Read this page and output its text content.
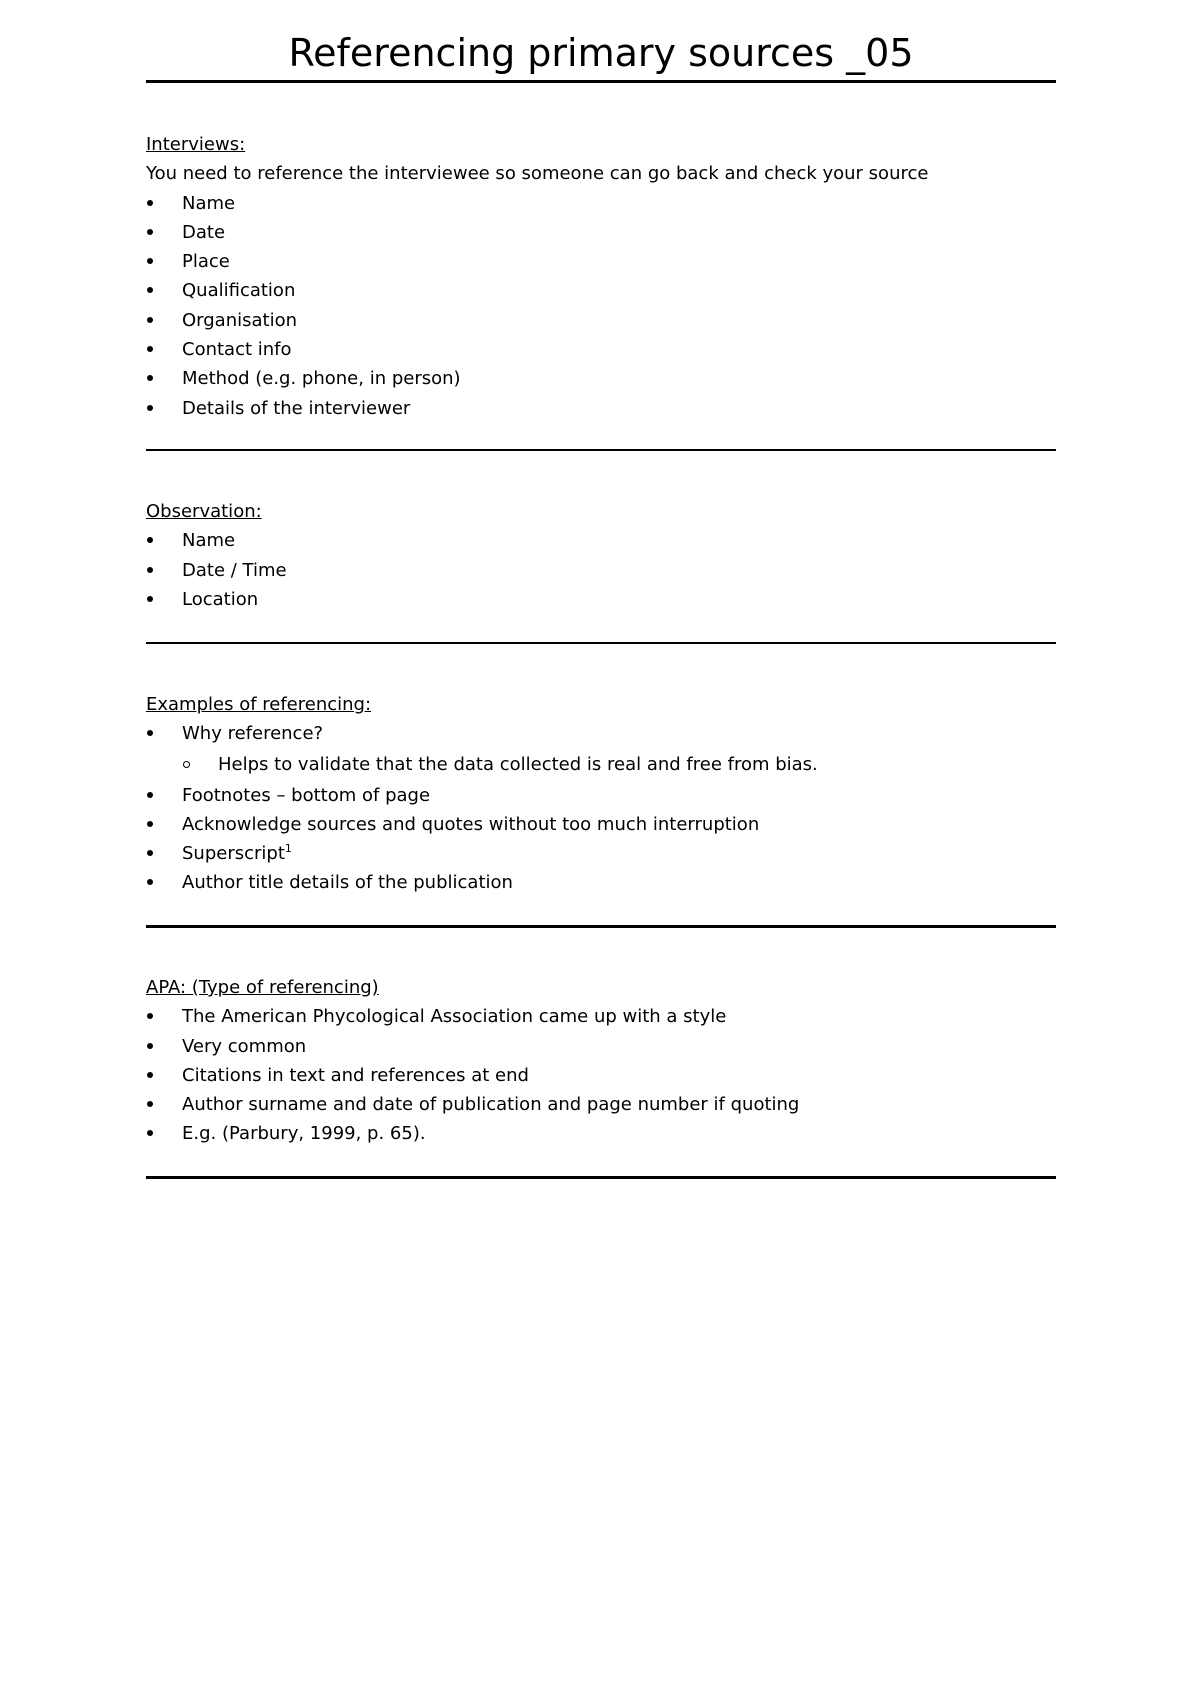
Referencing primary sources _05

Interviews:

You need to reference the interviewee so someone can go back and check your source

Name
Date
Place
Qualification
Organisation
Contact info
Method (e.g. phone, in person)
Details of the interviewer

Observation:

Name
Date / Time
Location

Examples of referencing:

Why reference?
Helps to validate that the data collected is real and free from bias.
Footnotes – bottom of page
Acknowledge sources and quotes without too much interruption
Superscript$^1$
Author title details of the publication

APA: (Type of referencing)

The American Phycological Association came up with a style
Very common
Citations in text and references at end
Author surname and date of publication and page number if quoting
E.g. (Parbury, 1999, p. 65).
